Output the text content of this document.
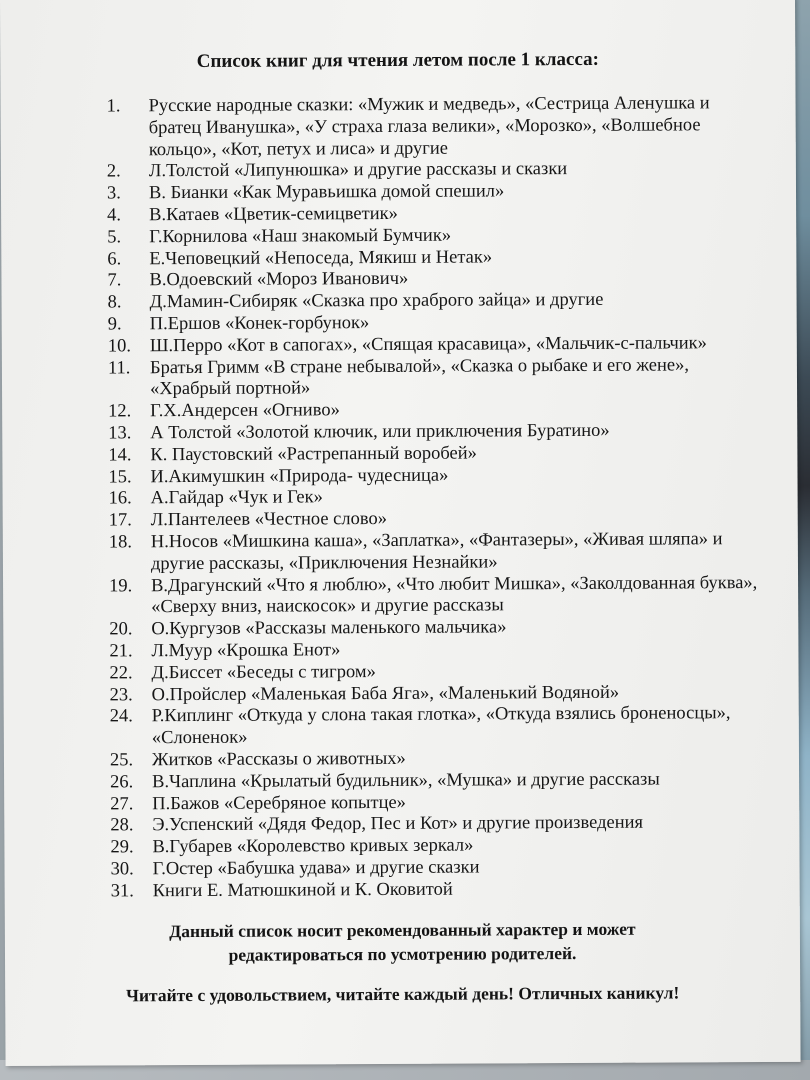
Список книг для чтения летом после 1 класса:
1. Русские народные сказки: «Мужик и медведь», «Сестрица Аленушка и братец Иванушка», «У страха глаза велики», «Морозко», «Волшебное кольцо», «Кот, петух и лиса» и другие
2. Л.Толстой «Липунюшка» и другие рассказы и сказки
3. В. Бианки «Как Муравьишка домой спешил»
4. В.Катаев «Цветик-семицветик»
5. Г.Корнилова «Наш знакомый Бумчик»
6. Е.Чеповецкий «Непоседа, Мякиш и Нетак»
7. В.Одоевский «Мороз Иванович»
8. Д.Мамин-Сибиряк «Сказка про храброго зайца» и другие
9. П.Ершов «Конек-горбунок»
10. Ш.Перро «Кот в сапогах», «Спящая красавица», «Мальчик-с-пальчик»
11. Братья Гримм «В стране небывалой», «Сказка о рыбаке и его жене», «Храбрый портной»
12. Г.Х.Андерсен «Огниво»
13. А Толстой «Золотой ключик, или приключения Буратино»
14. К. Паустовский «Растрепанный воробей»
15. И.Акимушкин «Природа- чудесница»
16. А.Гайдар «Чук и Гек»
17. Л.Пантелеев «Честное слово»
18. Н.Носов «Мишкина каша», «Заплатка», «Фантазеры», «Живая шляпа» и другие рассказы, «Приключения Незнайки»
19. В.Драгунский «Что я люблю», «Что любит Мишка», «Заколдованная буква», «Сверху вниз, наискосок» и другие рассказы
20. О.Кургузов «Рассказы маленького мальчика»
21. Л.Муур «Крошка Енот»
22. Д.Биссет «Беседы с тигром»
23. О.Пройслер «Маленькая Баба Яга», «Маленький Водяной»
24. Р.Киплинг «Откуда у слона такая глотка», «Откуда взялись броненосцы», «Слоненок»
25. Житков «Рассказы о животных»
26. В.Чаплина «Крылатый будильник», «Мушка» и другие рассказы
27. П.Бажов «Серебряное копытце»
28. Э.Успенский «Дядя Федор, Пес и Кот» и другие произведения
29. В.Губарев «Королевство кривых зеркал»
30. Г.Остер «Бабушка удава» и другие сказки
31. Книги Е. Матюшкиной и К. Оковитой
Данный список носит рекомендованный характер и может
редактироваться по усмотрению родителей.
Читайте с удовольствием, читайте каждый день! Отличных каникул!
